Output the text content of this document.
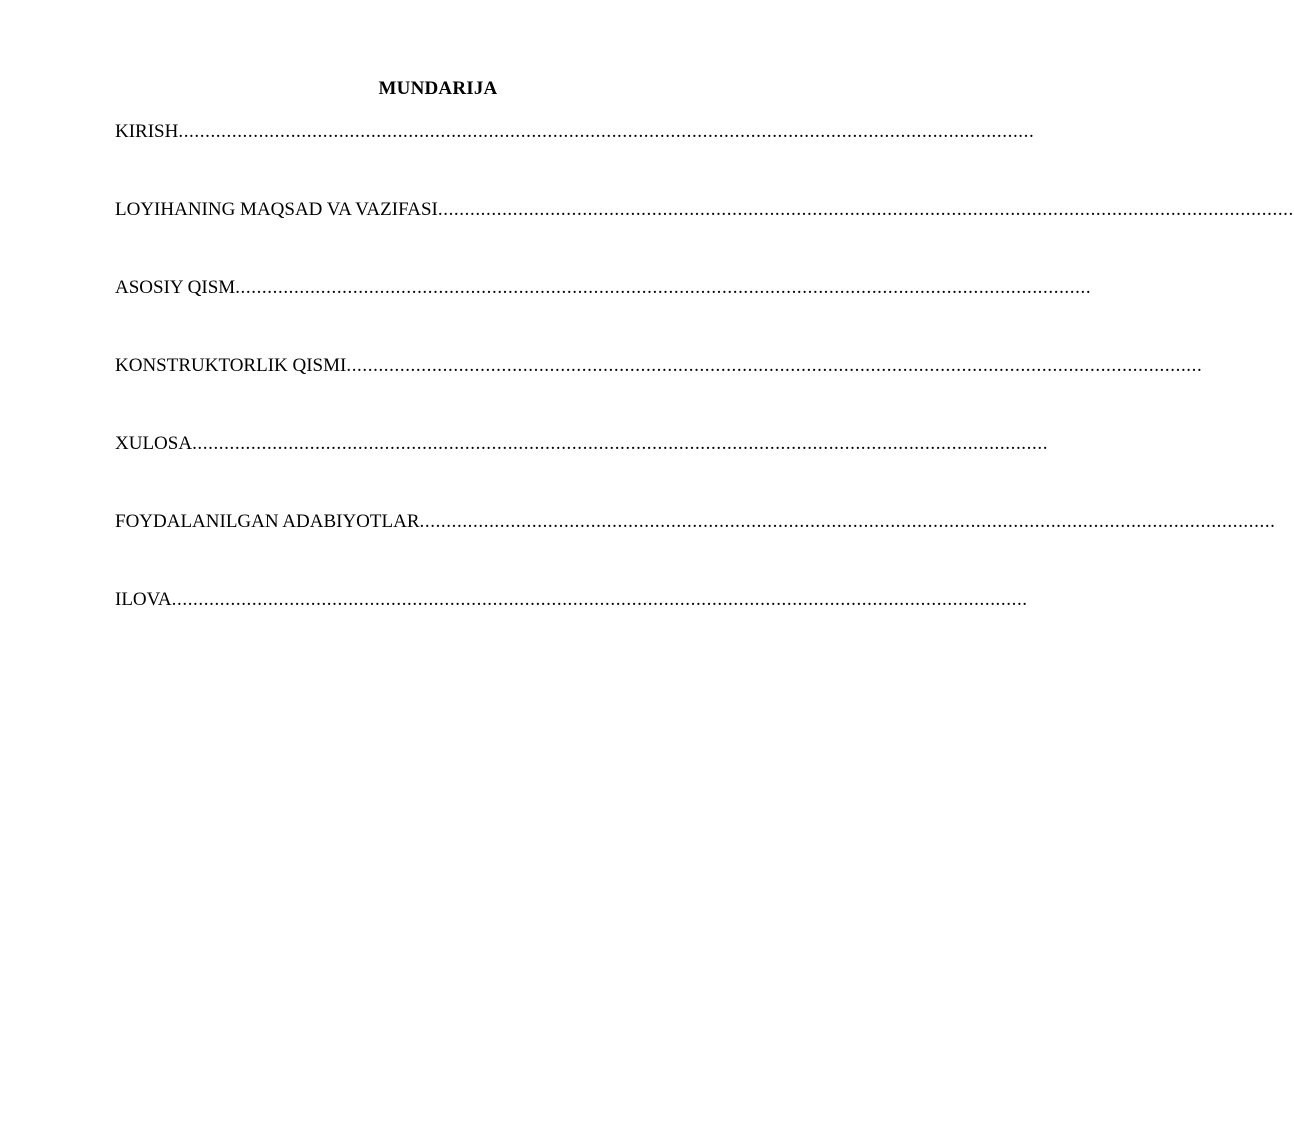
MUNDARIJA
KIRISH ................................................................................................................................................................
LOYIHANING MAQSAD VA VAZIFASI ................................................................................................................................................................
ASOSIY QISM ................................................................................................................................................................
KONSTRUKTORLIK QISMI ................................................................................................................................................................
XULOSA ................................................................................................................................................................
FOYDALANILGAN ADABIYOTLAR ................................................................................................................................................................
ILOVA ................................................................................................................................................................
